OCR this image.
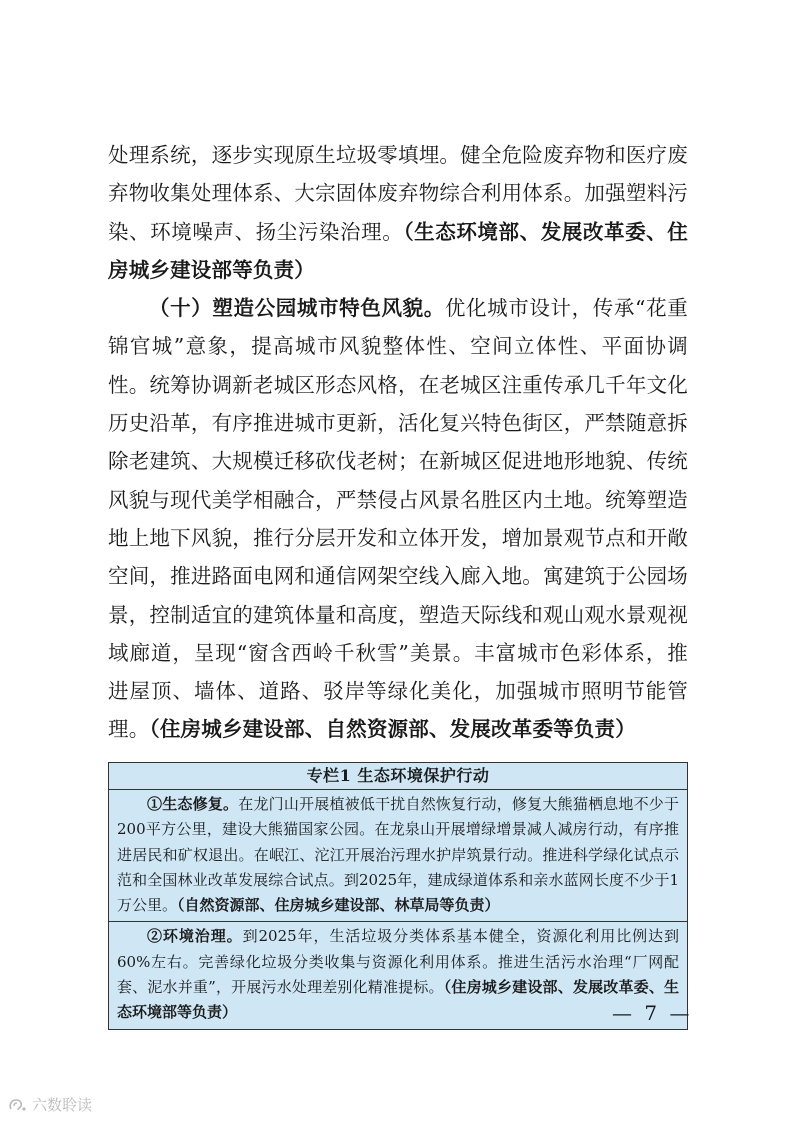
处理系统，逐步实现原生垃圾零填埋。健全危险废弃物和医疗废弃物收集处理体系、大宗固体废弃物综合利用体系。加强塑料污染、环境噪声、扬尘污染治理。（生态环境部、发展改革委、住房城乡建设部等负责）

（十）塑造公园城市特色风貌。优化城市设计，传承“花重锦官城”意象，提高城市风貌整体性、空间立体性、平面协调性。统筹协调新老城区形态风格，在老城区注重传承几千年文化历史沿革，有序推进城市更新，活化复兴特色街区，严禁随意拆除老建筑、大规模迁移砍伐老树；在新城区促进地形地貌、传统风貌与现代美学相融合，严禁侵占风景名胜区内土地。统筹塑造地上地下风貌，推行分层开发和立体开发，增加景观节点和开敞空间，推进路面电网和通信网架空线入廊入地。寓建筑于公园场景，控制适宜的建筑体量和高度，塑造天际线和观山观水景观视域廊道，呈现“窗含西岭千秋雪”美景。丰富城市色彩体系，推进屋顶、墙体、道路、驳岸等绿化美化，加强城市照明节能管理。（住房城乡建设部、自然资源部、发展改革委等负责）

专栏1 生态环境保护行动
①生态修复。在龙门山开展植被低干扰自然恢复行动，修复大熊猫栖息地不少于200平方公里，建设大熊猫国家公园。在龙泉山开展增绿增景减人减房行动，有序推进居民和矿权退出。在岷江、沱江开展治污理水护岸筑景行动。推进科学绿化试点示范和全国林业改革发展综合试点。到2025年，建成绿道体系和亲水蓝网长度不少于1万公里。（自然资源部、住房城乡建设部、林草局等负责）
②环境治理。到2025年，生活垃圾分类体系基本健全，资源化利用比例达到60%左右。完善绿化垃圾分类收集与资源化利用体系。推进生活污水治理“厂网配套、泥水并重”，开展污水处理差别化精准提标。（住房城乡建设部、发展改革委、生态环境部等负责）	— 7 —
六数聆读
